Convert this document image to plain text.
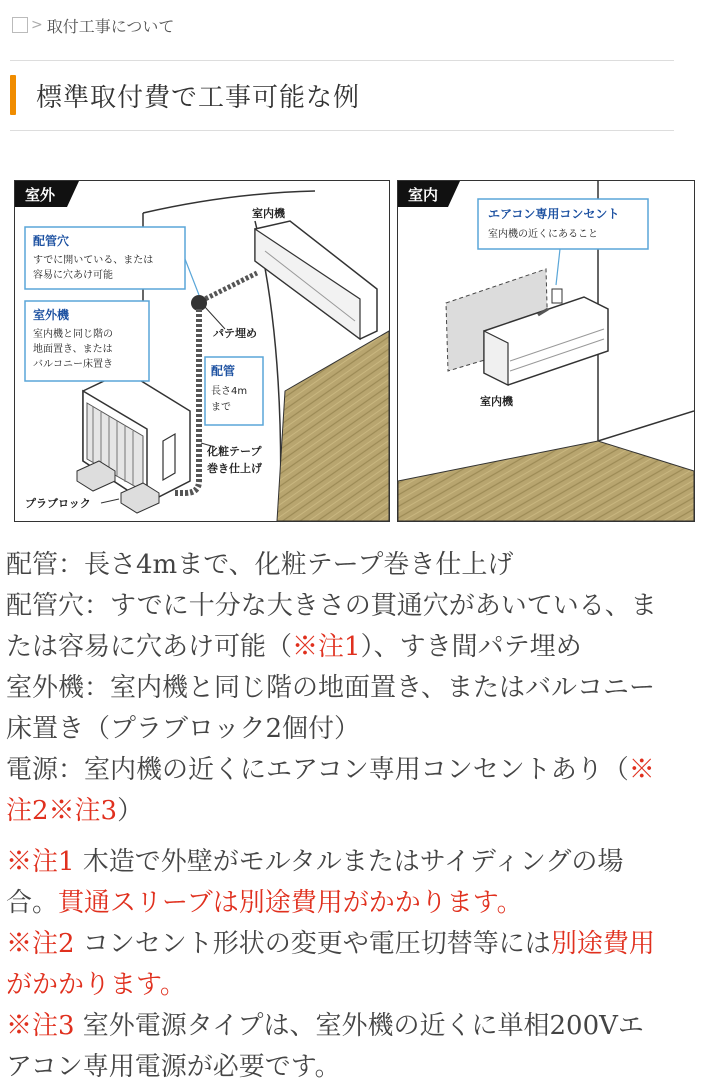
> 取付工事について
標準取付費で工事可能な例
室外
室内機
配管穴
すでに開いている、または
容易に穴あけ可能
室外機
室内機と同じ階の
地面置き、または
バルコニー床置き
パテ埋め
配管
長さ4m
まで
化粧テープ
巻き仕上げ
プラブロック
室内
エアコン専用コンセント
室内機の近くにあること
室内機

配管：長さ4mまで、化粧テープ巻き仕上げ

配管穴：すでに十分な大きさの貫通穴があいている、ま

たは容易に穴あけ可能（※注1）、すき間パテ埋め

室外機：室内機と同じ階の地面置き、またはバルコニー

床置き（プラブロック2個付）

電源：室内機の近くにエアコン専用コンセントあり（※

注2※注3）

※注1 木造で外壁がモルタルまたはサイディングの場

合。貫通スリーブは別途費用がかかります。

※注2 コンセント形状の変更や電圧切替等には別途費用

がかかります。

※注3 室外電源タイプは、室外機の近くに単相200Vエ

アコン専用電源が必要です。
